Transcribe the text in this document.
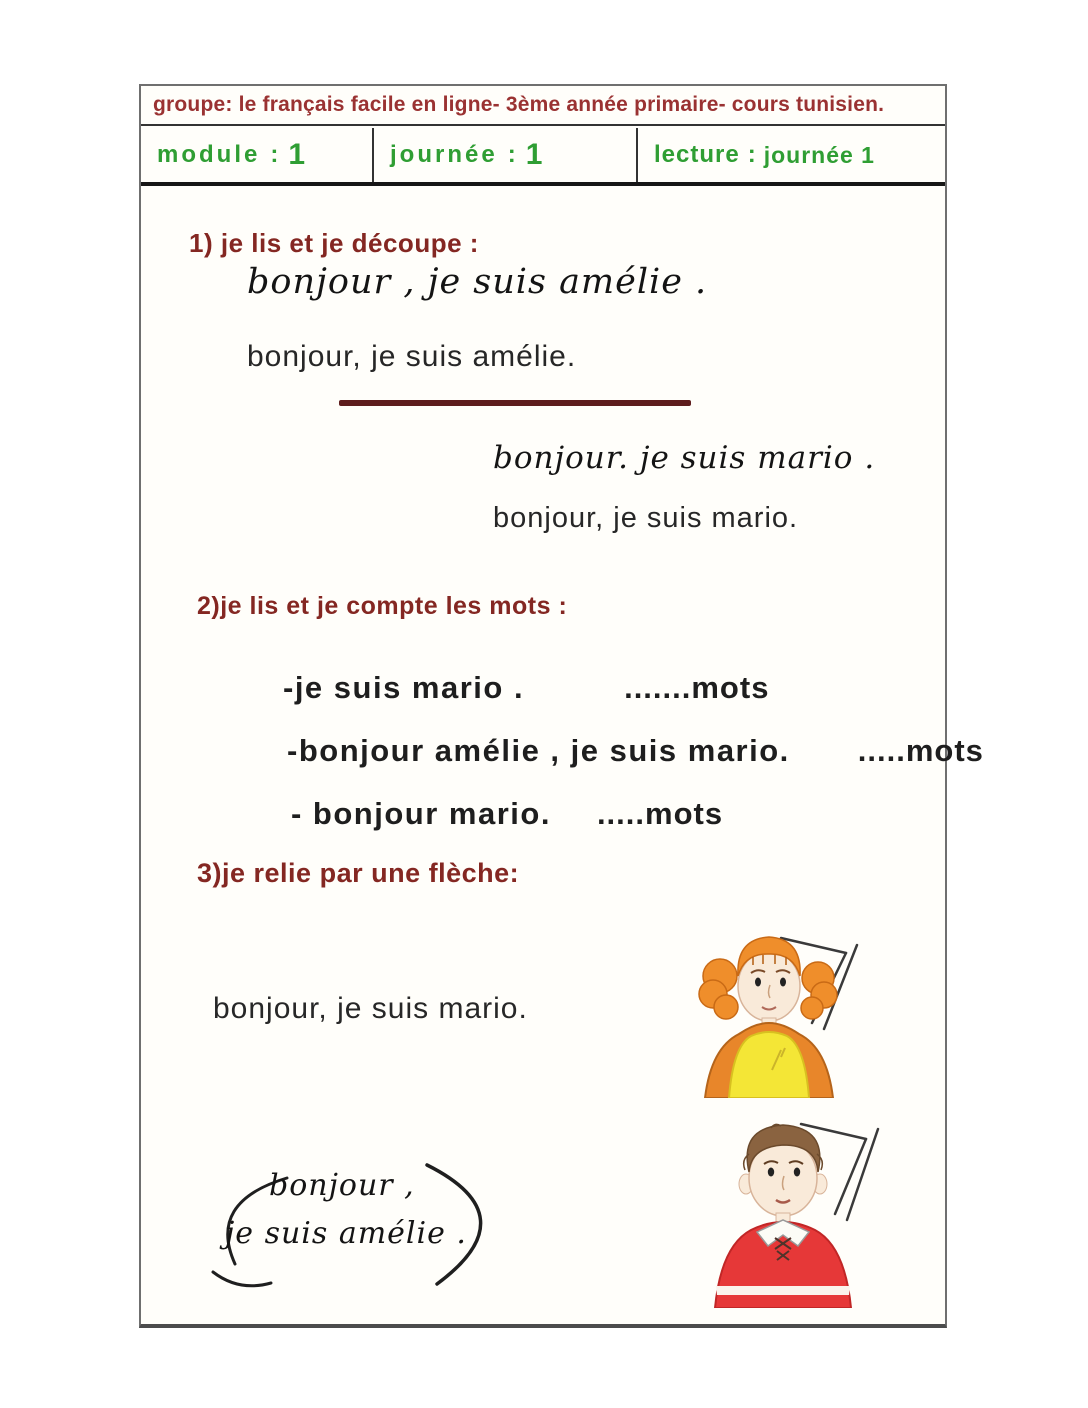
groupe: le français facile en ligne- 3ème année primaire- cours tunisien.
module : 1	journée : 1	lecture : journée 1
1) je lis et je découpe :
bonjour , je suis amélie .
bonjour, je suis amélie.
bonjour. je suis mario .
bonjour, je suis mario.
2)je lis et je compte les mots :
-je suis mario .	.......mots
-bonjour amélie , je suis mario. .....mots
- bonjour mario. .....mots
3)je relie par une flèche:
bonjour, je suis mario.
bonjour ,
je suis amélie .
